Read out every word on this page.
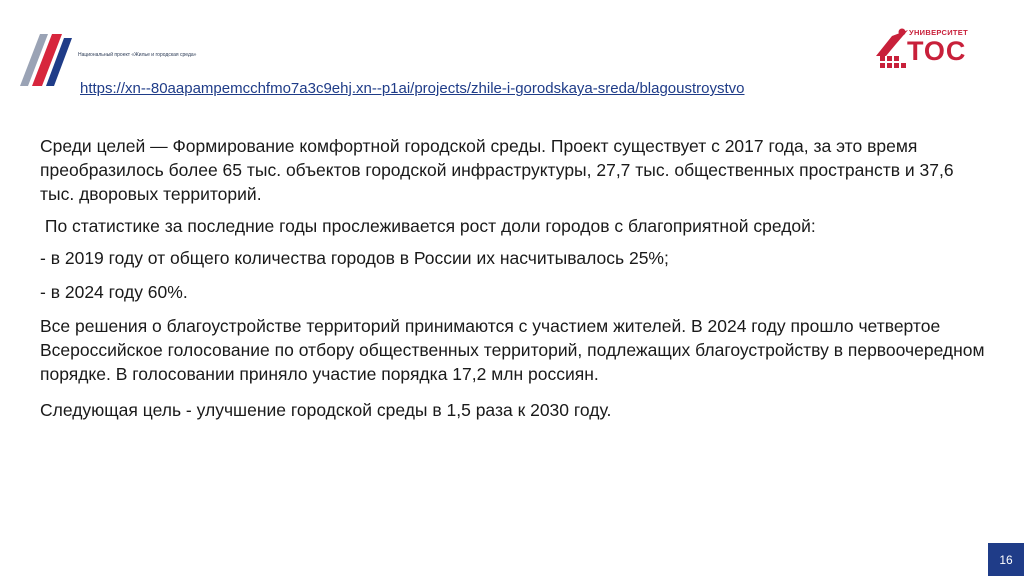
Национальный проект «Жилье и городская среда»
https://xn--80aapampemcchfmo7a3c9ehj.xn--p1ai/projects/zhile-i-gorodskaya-sreda/blagoustroystvo
УНИВЕРСИТЕТ
ТОС

Среди целей — Формирование комфортной городской среды. Проект существует с 2017 года, за это время преобразилось более 65 тыс. объектов городской инфраструктуры, 27,7 тыс. общественных пространств и 37,6 тыс. дворовых территорий.

По статистике за последние годы прослеживается рост доли городов с благоприятной средой:

- в 2019 году от общего количества городов в России их насчитывалось 25%;

- в 2024 году 60%.

Все решения о благоустройстве территорий принимаются с участием жителей. В 2024 году прошло четвертое Всероссийское голосование по отбору общественных территорий, подлежащих благоустройству в первоочередном порядке. В голосовании приняло участие порядка 17,2 млн россиян.

Следующая цель - улучшение городской среды в 1,5 раза к 2030 году.

16
